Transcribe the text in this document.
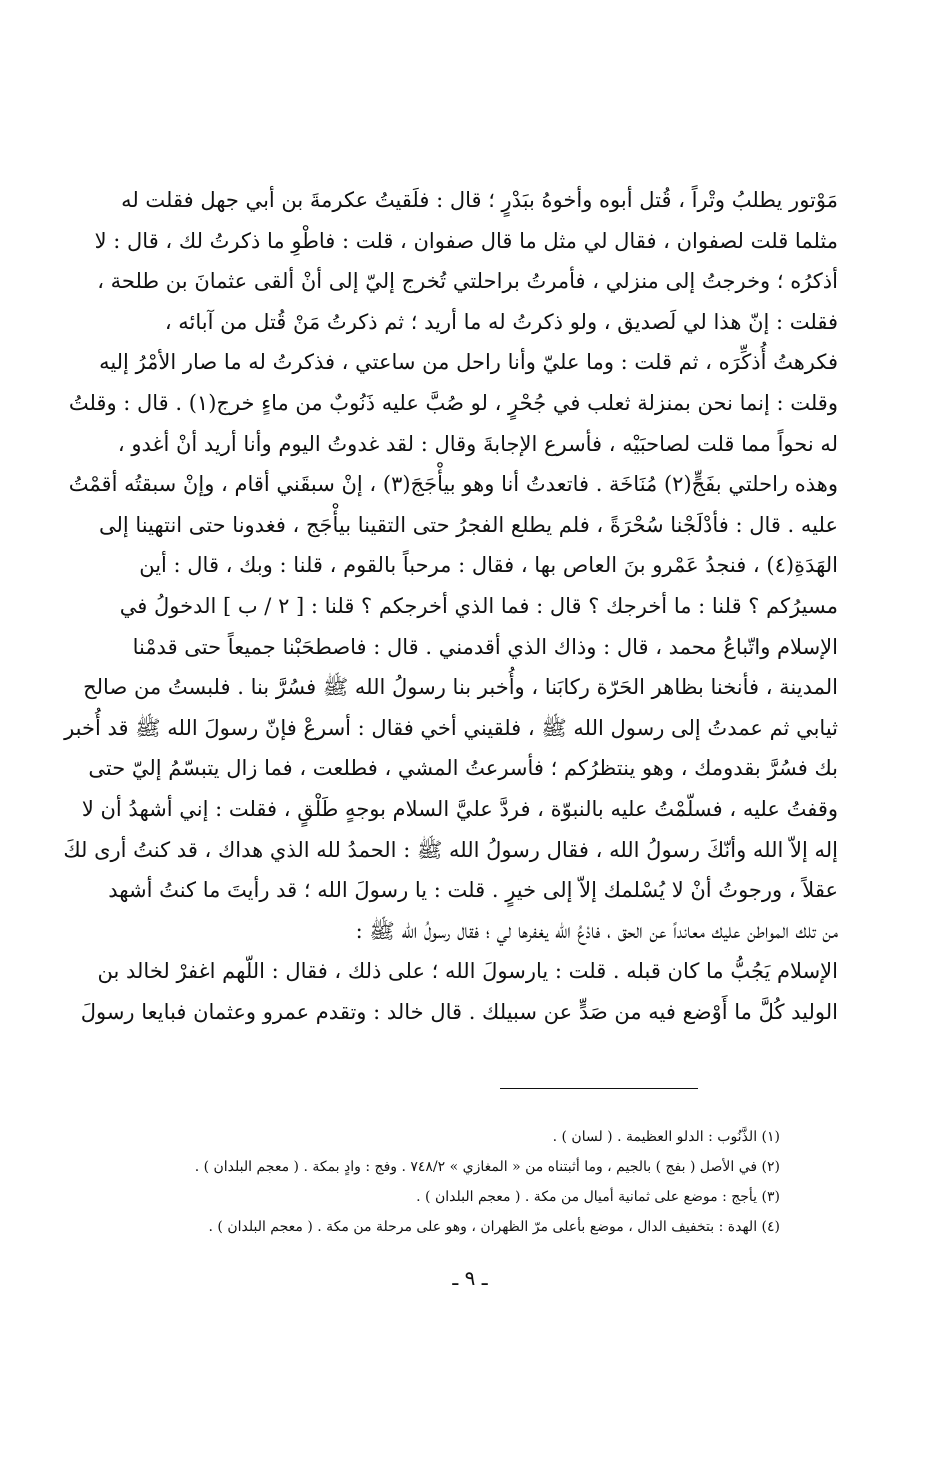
مَوْتور يطلبُ وتْراً ، قُتل أبوه وأخوهُ ببَدْرٍ ؛ قال : فلَقيتُ عكرمةَ بن أبي جهل فقلت له
مثلما قلت لصفوان ، فقال لي مثل ما قال صفوان ، قلت : فاطْوِ ما ذكرتُ لك ، قال : لا
أذكرُه ؛ وخرجتُ إلى منزلي ، فأمرتُ براحلتي تُخرج إليّ إلى أنْ ألقى عثمانَ بن طلحة ،
فقلت : إنّ هذا لي لَصديق ، ولو ذكرتُ له ما أريد ؛ ثم ذكرتُ مَنْ قُتل من آبائه ،
فكرهتُ أُذكِّرَه ، ثم قلت : وما عليّ وأنا راحل من ساعتي ، فذكرتُ له ما صار الأمْرُ إليه
وقلت : إنما نحن بمنزلة ثعلب في جُحْرٍ ، لو صُبَّ عليه ذَنُوبٌ من ماءٍ خرج(١) . قال : وقلتُ
له نحواً مما قلت لصاحبَيْه ، فأسرع الإجابةَ وقال : لقد غدوتُ اليوم وأنا أريد أنْ أغدو ،
وهذه راحلتي بفَجٍّ(٢) مُنَاخَة . فاتعدتُ أنا وهو بيأْجَجَ(٣) ، إنْ سبقَني أقام ، وإنْ سبقتُه أقمْتُ
عليه . قال : فأدْلَجْنا سُحْرَةً ، فلم يطلع الفجرُ حتى التقينا بيأْجَج ، فغدونا حتى انتهينا إلى
الهَدَةِ(٤) ، فنجدُ عَمْرو بنَ العاص بها ، فقال : مرحباً بالقوم ، قلنا : وبك ، قال : أين
مسيرُكم ؟ قلنا : ما أخرجك ؟ قال : فما الذي أخرجكم ؟ قلنا : [ ٢ / ب ] الدخولُ في
الإسلام واتّباعُ محمد ، قال : وذاك الذي أقدمني . قال : فاصطحَبْنا جميعاً حتى قدمْنا
المدينة ، فأنخنا بظاهر الحَرّة ركابَنا ، وأُخبر بنا رسولُ الله ﷺ فسُرَّ بنا . فلبستُ من صالح
ثيابي ثم عمدتُ إلى رسول الله ﷺ ، فلقيني أخي فقال : أسرعْ فإنّ رسولَ الله ﷺ قد أُخبر
بك فسُرَّ بقدومك ، وهو ينتظرُكم ؛ فأسرعتُ المشي ، فطلعت ، فما زال يتبسّمُ إليّ حتى
وقفتُ عليه ، فسلّمْتُ عليه بالنبوّة ، فردَّ عليَّ السلام بوجهٍ طَلْقٍ ، فقلت : إني أشهدُ أن لا
إله إلاّ الله وأنّكَ رسولُ الله ، فقال رسولُ الله ﷺ : الحمدُ لله الذي هداك ، قد كنتُ أرى لكَ
عقلاً ، ورجوتُ أنْ لا يُسْلمك إلاّ إلى خيرٍ . قلت : يا رسولَ الله ؛ قد رأيتَ ما كنتُ أشهد
من تلك المواطن عليك معانداً عن الحق ، فادْعُ الله يغفرها لي ؛ فقال رسولُ الله ﷺ :
الإسلام يَجُبُّ ما كان قبله . قلت : يارسولَ الله ؛ على ذلك ، فقال : اللّهم اغفرْ لخالد بن
الوليد كُلَّ ما أَوْضع فيه من صَدٍّ عن سبيلك . قال خالد : وتقدم عمرو وعثمان فبايعا رسولَ
(١) الذَّنُوب : الدلو العظيمة . ( لسان ) .
(٢) في الأصل ( بفج ) بالجيم ، وما أثبتناه من « المغازي » ٧٤٨/٢ . وفج : وادٍ بمكة . ( معجم البلدان ) .
(٣) يأجج : موضع على ثمانية أميال من مكة . ( معجم البلدان ) .
(٤) الهدة : بتخفيف الدال ، موضع بأعلى مرّ الظهران ، وهو على مرحلة من مكة . ( معجم البلدان ) .
ـ ٩ ـ
